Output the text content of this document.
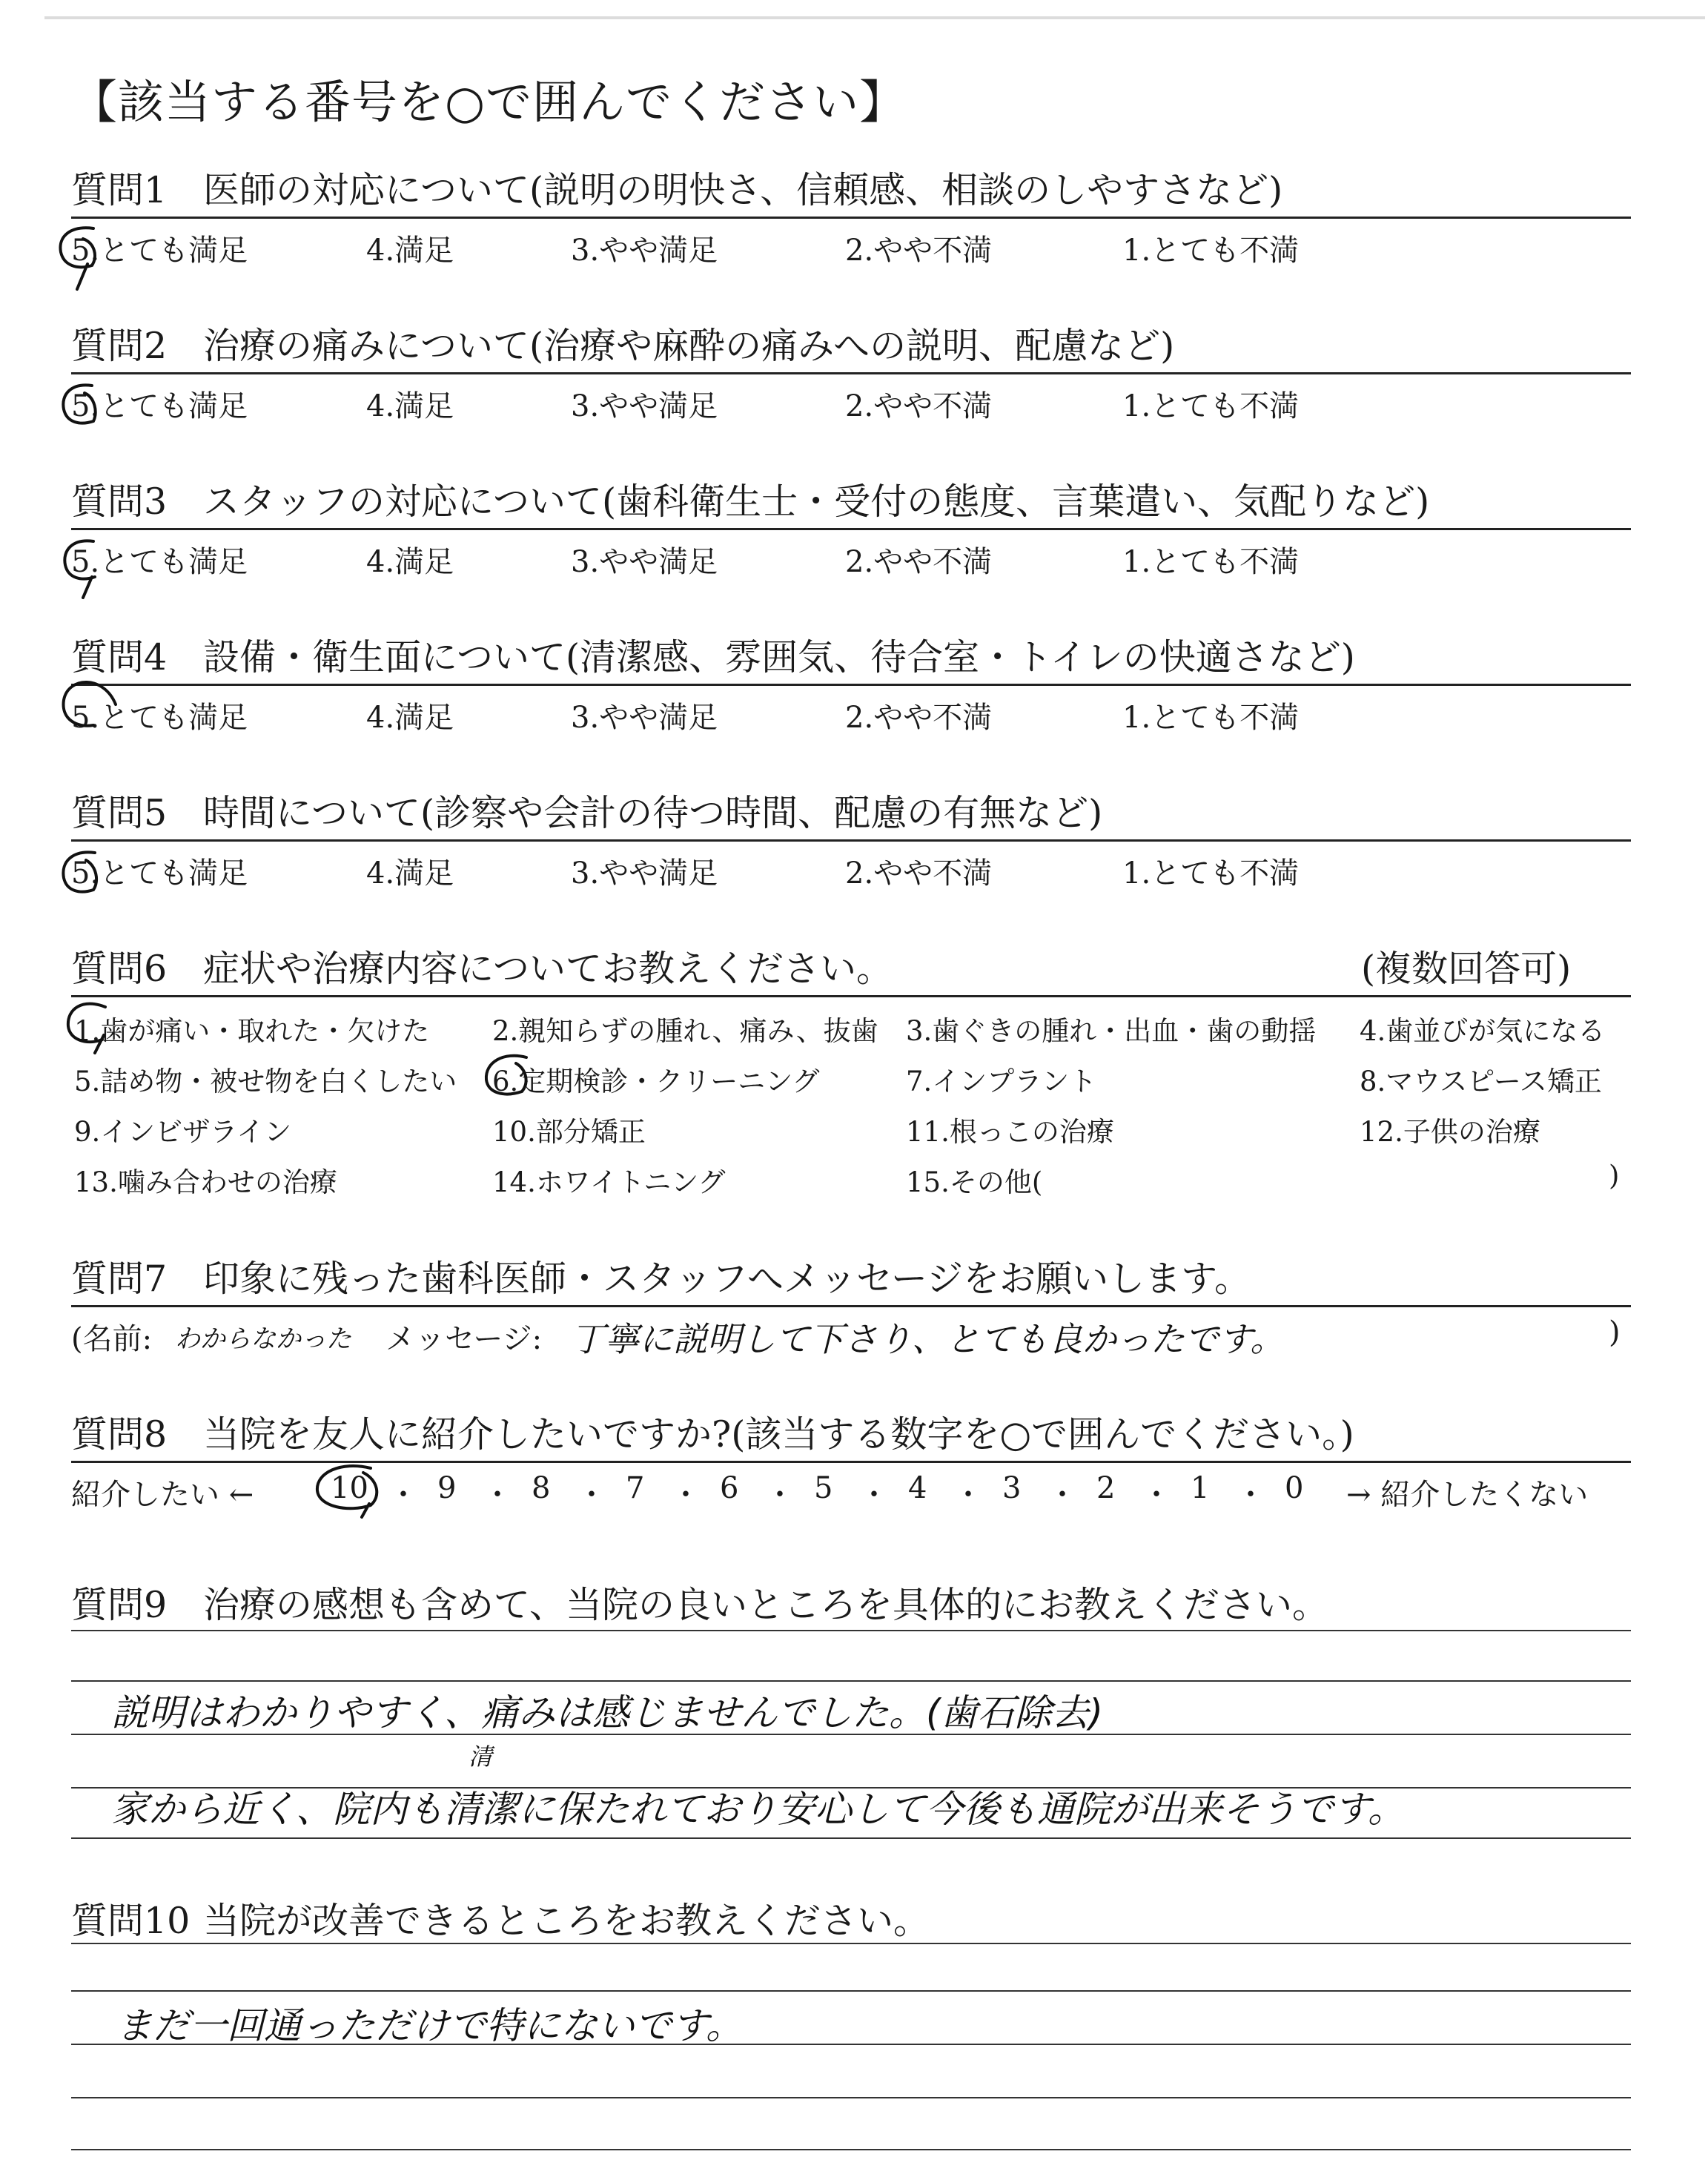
【該当する番号を○で囲んでください】
質問1 医師の対応について(説明の明快さ、信頼感、相談のしやすさなど)
5.とても満足	4.満足	3.やや満足	2.やや不満	1.とても不満
質問2 治療の痛みについて(治療や麻酔の痛みへの説明、配慮など)
5.とても満足	4.満足	3.やや満足	2.やや不満	1.とても不満
質問3 スタッフの対応について(歯科衛生士・受付の態度、言葉遣い、気配りなど)
5.とても満足	4.満足	3.やや満足	2.やや不満	1.とても不満
質問4 設備・衛生面について(清潔感、雰囲気、待合室・トイレの快適さなど)
5.とても満足	4.満足	3.やや満足	2.やや不満	1.とても不満
質問5 時間について(診察や会計の待つ時間、配慮の有無など)
5.とても満足	4.満足	3.やや満足	2.やや不満	1.とても不満
質問6 症状や治療内容についてお教えください。	(複数回答可)
1.歯が痛い・取れた・欠けた 2.親知らずの腫れ、痛み、抜歯 3.歯ぐきの腫れ・出血・歯の動揺 4.歯並びが気になる
5.詰め物・被せ物を白くしたい 6.定期検診・クリーニング	7.インプラント	8.マウスピース矯正
9.インビザライン	10.部分矯正	11.根っこの治療	12.子供の治療
13.噛み合わせの治療	14.ホワイトニング	15.その他(	)
質問7 印象に残った歯科医師・スタッフへメッセージをお願いします。
(名前: わからなかった メッセージ: 丁寧に説明して下さり、とても良かったです。	)
質問8 当院を友人に紹介したいですか?(該当する数字を○で囲んでください。)
紹介したい ←	10 9	8	7	6	5	4	3	2	1	0
・ ・ ・ ・ ・ ・ ・ ・ ・ ・	→ 紹介したくない
質問9 治療の感想も含めて、当院の良いところを具体的にお教えください。
説明はわかりやすく、痛みは感じませんでした。(歯石除去)
清
家から近く、院内も清潔に保たれており安心して今後も通院が出来そうです。
質問10 当院が改善できるところをお教えください。
まだ一回通っただけで特にないです。
